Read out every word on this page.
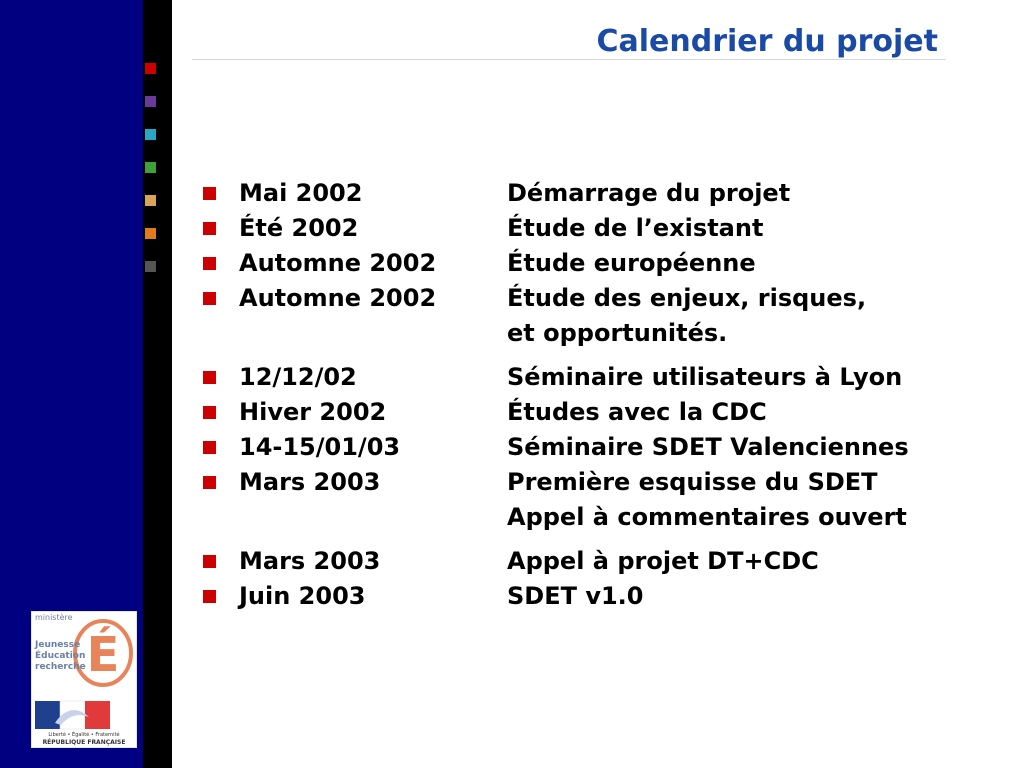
Calendrier du projet
Mai 2002	Démarrage du projet
Été 2002	Étude de l’existant
Automne 2002	Étude européenne
Automne 2002	Étude des enjeux, risques,
et opportunités.
12/12/02	Séminaire utilisateurs à Lyon
Hiver 2002	Études avec la CDC
14-15/01/03	Séminaire SDET Valenciennes
Mars 2003	Première esquisse du SDET
Appel à commentaires ouvert
Mars 2003	Appel à projet DT+CDC
Juin 2003	SDET v1.0
É
ministère
Jeunesse
Éducation
recherche
Liberté • Égalité • Fraternité
RÉPUBLIQUE FRANÇAISE
